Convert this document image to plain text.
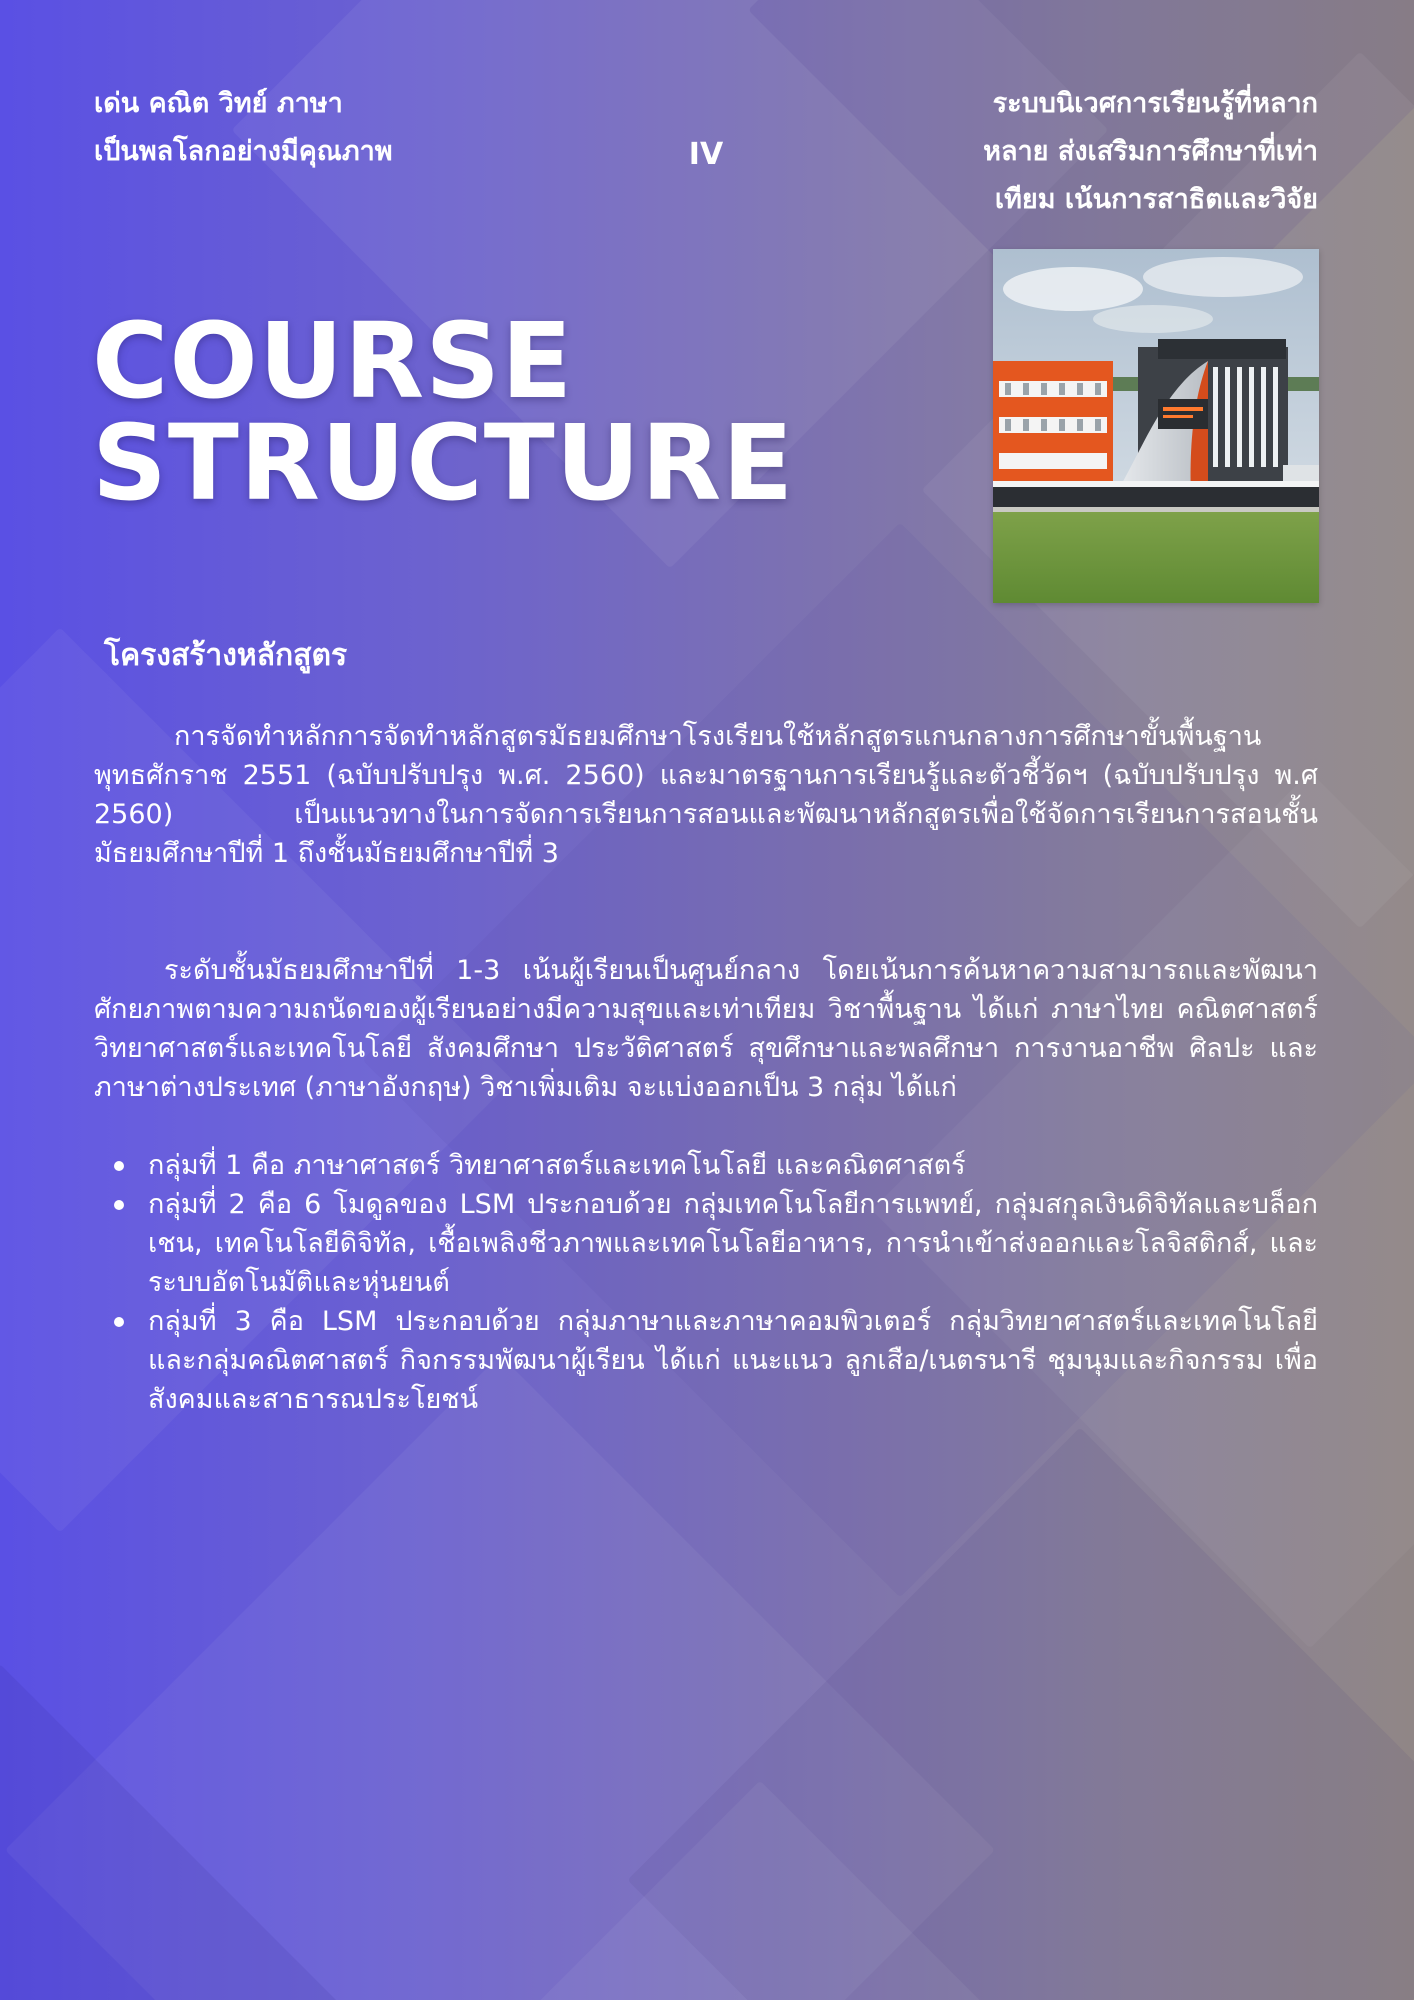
เด่น คณิต วิทย์ ภาษา เป็นพลโลกอย่างมีคุณภาพ	IV

ระบบนิเวศการเรียนรู้ที่หลากหลาย ส่งเสริมการศึกษาที่เท่าเทียม เน้นการสาธิตและวิจัย

COURSE
STRUCTURE
โครงสร้างหลักสูตร

การจัดทำหลักการจัดทำหลักสูตรมัธยมศึกษาโรงเรียนใช้หลักสูตรแกนกลางการศึกษาขั้นพื้นฐานพุทธศักราช 2551 (ฉบับปรับปรุง พ.ศ. 2560) และมาตรฐานการเรียนรู้และตัวชี้วัดฯ (ฉบับปรับปรุง พ.ศ 2560) เป็นแนวทางในการจัดการเรียนการสอนและพัฒนาหลักสูตรเพื่อใช้จัดการเรียนการสอนชั้นมัธยมศึกษาปีที่ 1 ถึงชั้นมัธยมศึกษาปีที่ 3

ระดับชั้นมัธยมศึกษาปีที่ 1-3 เน้นผู้เรียนเป็นศูนย์กลาง โดยเน้นการค้นหาความสามารถและพัฒนาศักยภาพตามความถนัดของผู้เรียนอย่างมีความสุขและเท่าเทียม วิชาพื้นฐาน ได้แก่ ภาษาไทย คณิตศาสตร์ วิทยาศาสตร์และเทคโนโลยี สังคมศึกษา ประวัติศาสตร์ สุขศึกษาและพลศึกษา การงานอาชีพ ศิลปะ และภาษาต่างประเทศ (ภาษาอังกฤษ) วิชาเพิ่มเติม จะแบ่งออกเป็น 3 กลุ่ม ได้แก่

กลุ่มที่ 1 คือ ภาษาศาสตร์ วิทยาศาสตร์และเทคโนโลยี และคณิตศาสตร์
กลุ่มที่ 2 คือ 6 โมดูลของ LSM ประกอบด้วย กลุ่มเทคโนโลยีการแพทย์, กลุ่มสกุลเงินดิจิทัลและบล็อกเชน, เทคโนโลยีดิจิทัล, เชื้อเพลิงชีวภาพและเทคโนโลยีอาหาร, การนำเข้าส่งออกและโลจิสติกส์, และระบบอัตโนมัติและหุ่นยนต์
กลุ่มที่ 3 คือ LSM ประกอบด้วย กลุ่มภาษาและภาษาคอมพิวเตอร์ กลุ่มวิทยาศาสตร์และเทคโนโลยี และกลุ่มคณิตศาสตร์ กิจกรรมพัฒนาผู้เรียน ได้แก่ แนะแนว ลูกเสือ/เนตรนารี ชุมนุมและกิจกรรม เพื่อสังคมและสาธารณประโยชน์
